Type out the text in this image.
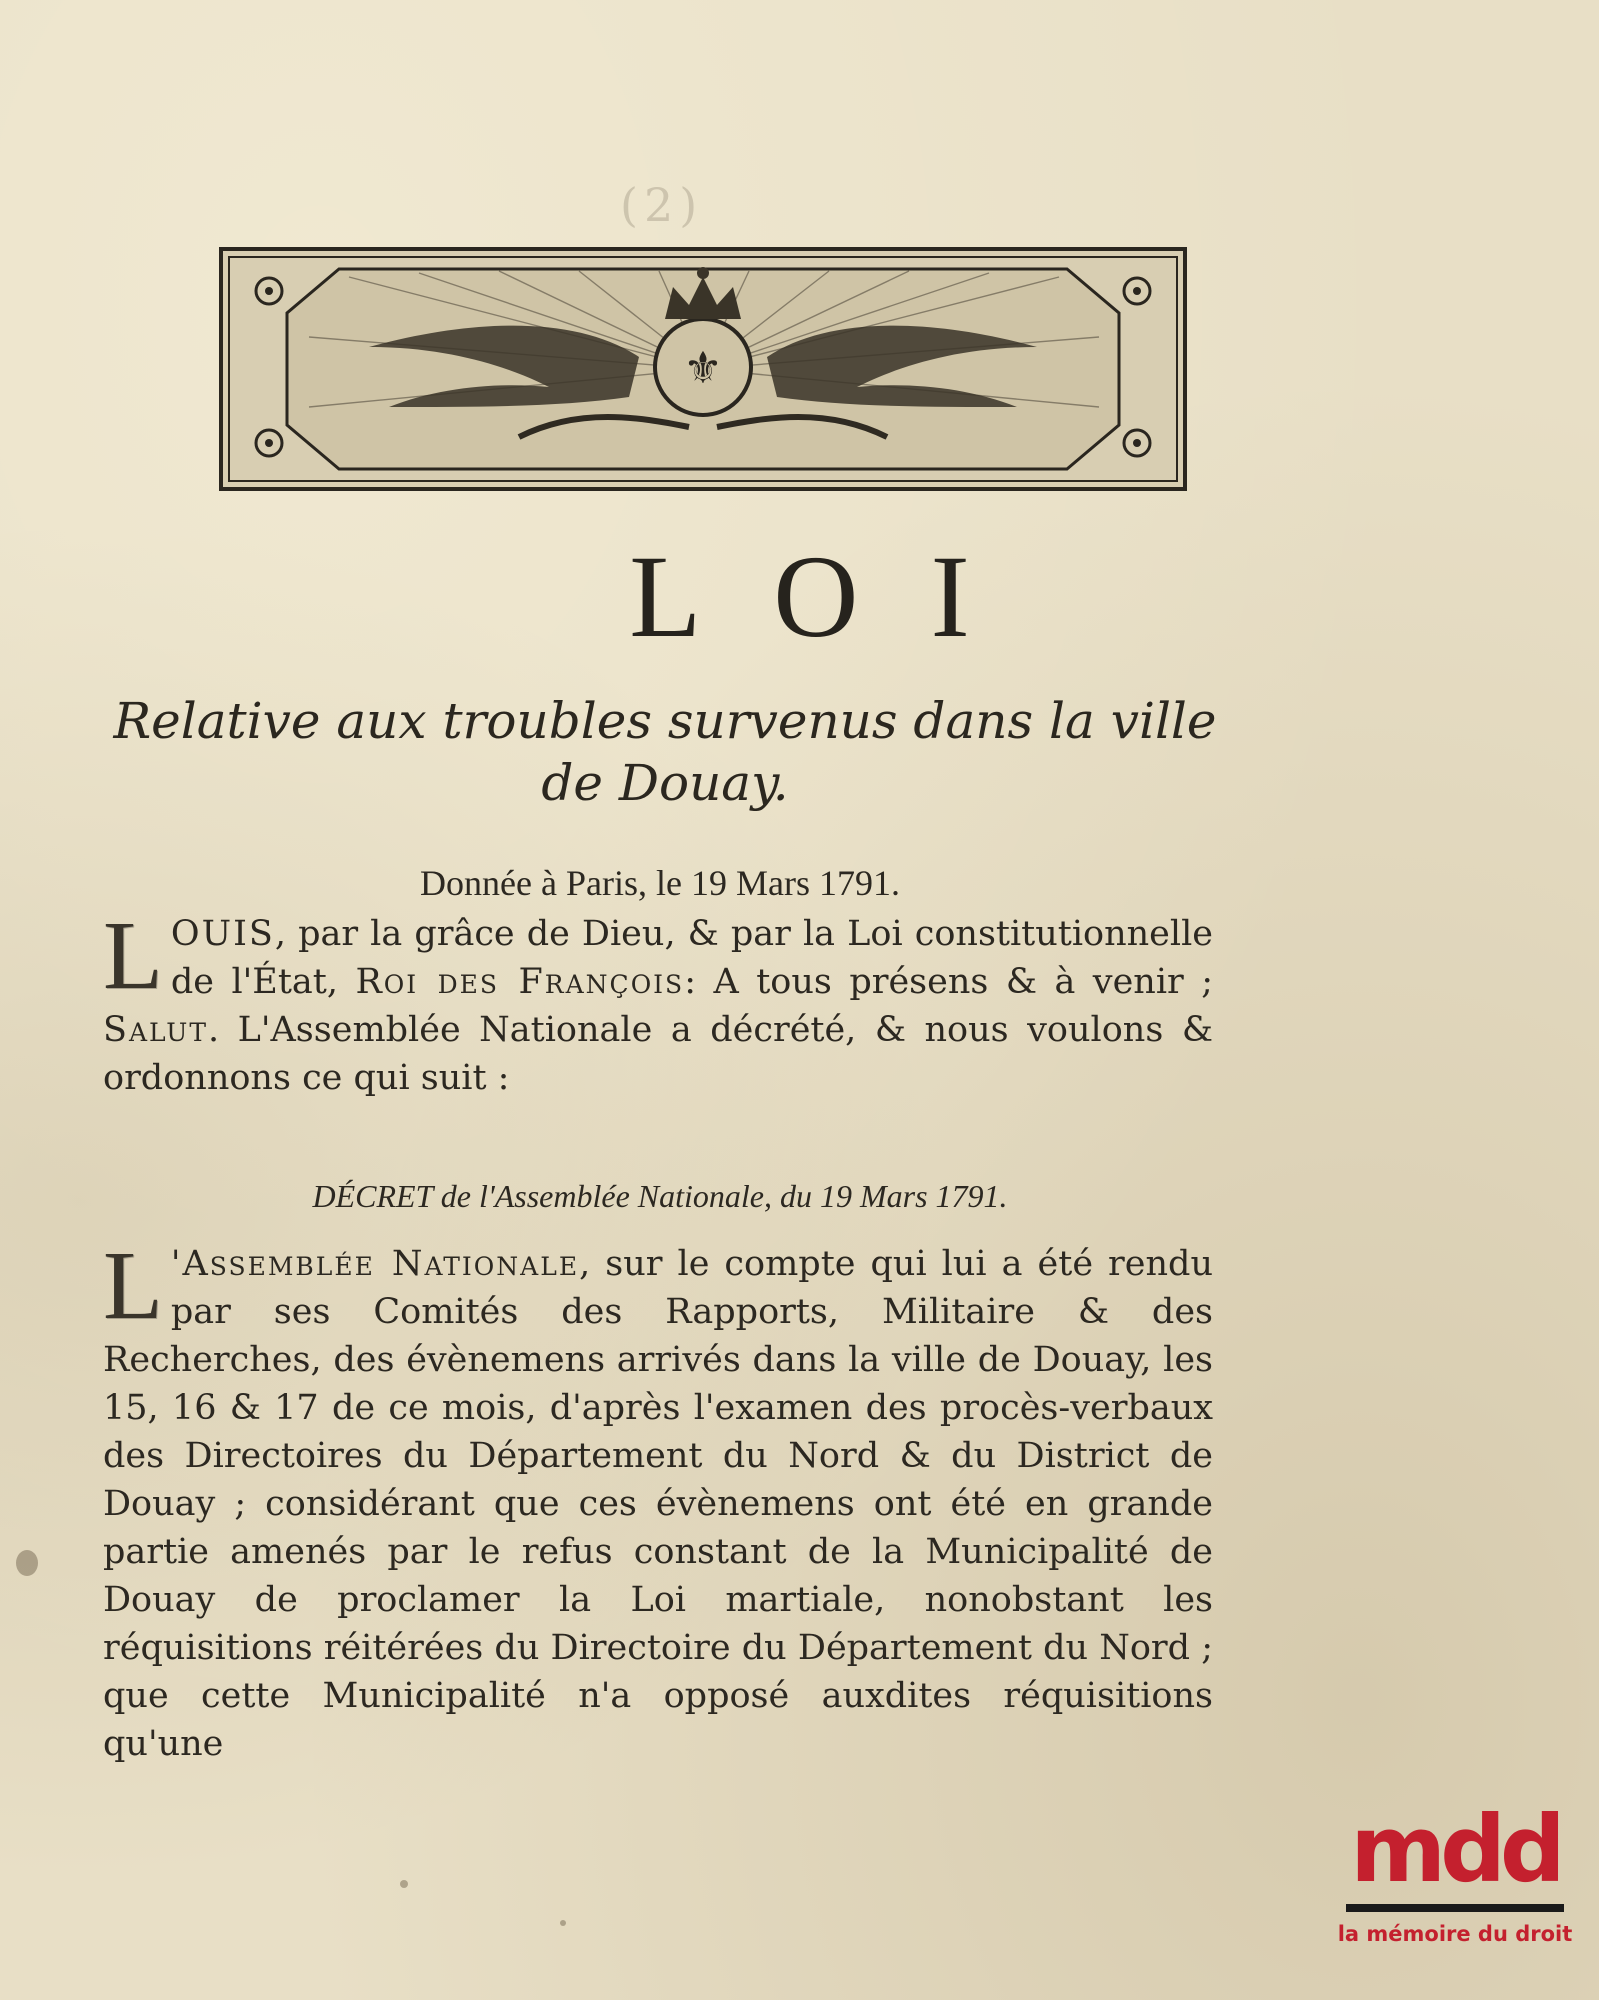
(2)
⚜
LOI
Relative aux troubles survenus dans la ville
de Douay.
Donnée à Paris, le 19 Mars 1791.

LOUIS, par la grâce de Dieu, & par la Loi constitutionnelle de l'État, Roi des François: A tous présens & à venir ; Salut. L'Assemblée Nationale a décrété, & nous voulons & ordonnons ce qui suit :

DÉCRET de l'Assemblée Nationale, du 19 Mars 1791.

L 'Assemblée Nationale, sur le compte qui lui a été rendu par ses Comités des Rapports, Militaire & des Recherches, des évènemens arrivés dans la ville de Douay, les 15, 16 & 17 de ce mois, d'après l'examen des procès-verbaux des Directoires du Département du Nord & du District de Douay ; considérant que ces évènemens ont été en grande partie amenés par le refus constant de la Municipalité de Douay de proclamer la Loi martiale, nonobstant les réquisitions réitérées du Directoire du Département du Nord ; que cette Municipalité n'a opposé auxdites réquisitions qu'une

mdd
la mémoire du droit
